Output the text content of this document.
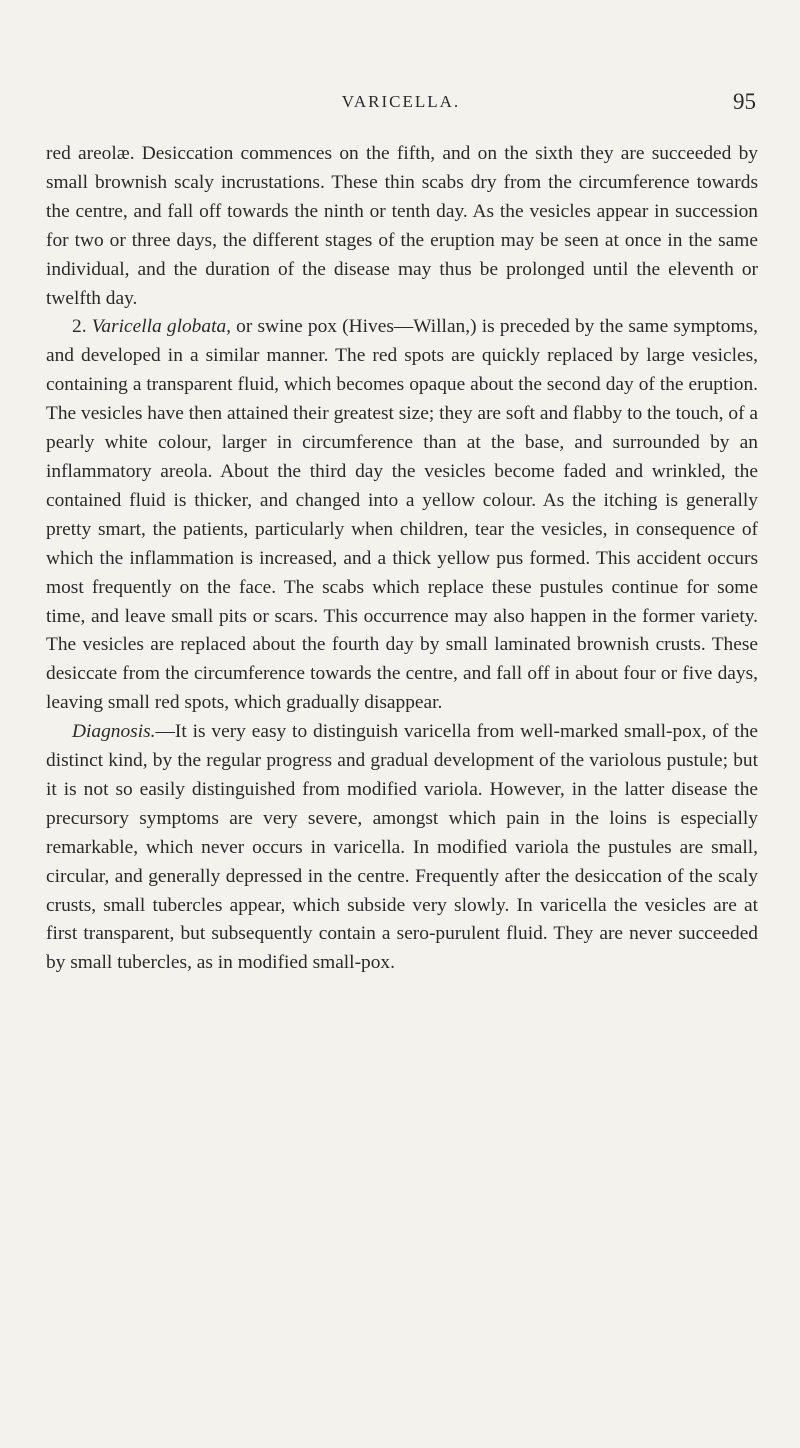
VARICELLA.	95

red areolæ. Desiccation commences on the fifth, and on the sixth they are succeeded by small brownish scaly incrustations. These thin scabs dry from the circumference towards the centre, and fall off towards the ninth or tenth day. As the vesicles appear in succession for two or three days, the different stages of the eruption may be seen at once in the same individual, and the duration of the disease may thus be prolonged until the eleventh or twelfth day.

2. Varicella globata, or swine pox (Hives—Willan,) is preceded by the same symptoms, and developed in a similar manner. The red spots are quickly replaced by large vesicles, containing a transparent fluid, which becomes opaque about the second day of the eruption. The vesicles have then attained their greatest size; they are soft and flabby to the touch, of a pearly white colour, larger in circumference than at the base, and surrounded by an inflammatory areola. About the third day the vesicles become faded and wrinkled, the contained fluid is thicker, and changed into a yellow colour. As the itching is generally pretty smart, the patients, particularly when children, tear the vesicles, in consequence of which the inflammation is increased, and a thick yellow pus formed. This accident occurs most frequently on the face. The scabs which replace these pustules continue for some time, and leave small pits or scars. This occurrence may also happen in the former variety. The vesicles are replaced about the fourth day by small laminated brownish crusts. These desiccate from the circumference towards the centre, and fall off in about four or five days, leaving small red spots, which gradually disappear.

Diagnosis.—It is very easy to distinguish varicella from well-marked small-pox, of the distinct kind, by the regular progress and gradual development of the variolous pustule; but it is not so easily distinguished from modified variola. However, in the latter disease the precursory symptoms are very severe, amongst which pain in the loins is especially remarkable, which never occurs in varicella. In modified variola the pustules are small, circular, and generally depressed in the centre. Frequently after the desiccation of the scaly crusts, small tubercles appear, which subside very slowly. In varicella the vesicles are at first transparent, but subsequently contain a sero-purulent fluid. They are never succeeded by small tubercles, as in modified small-pox.
